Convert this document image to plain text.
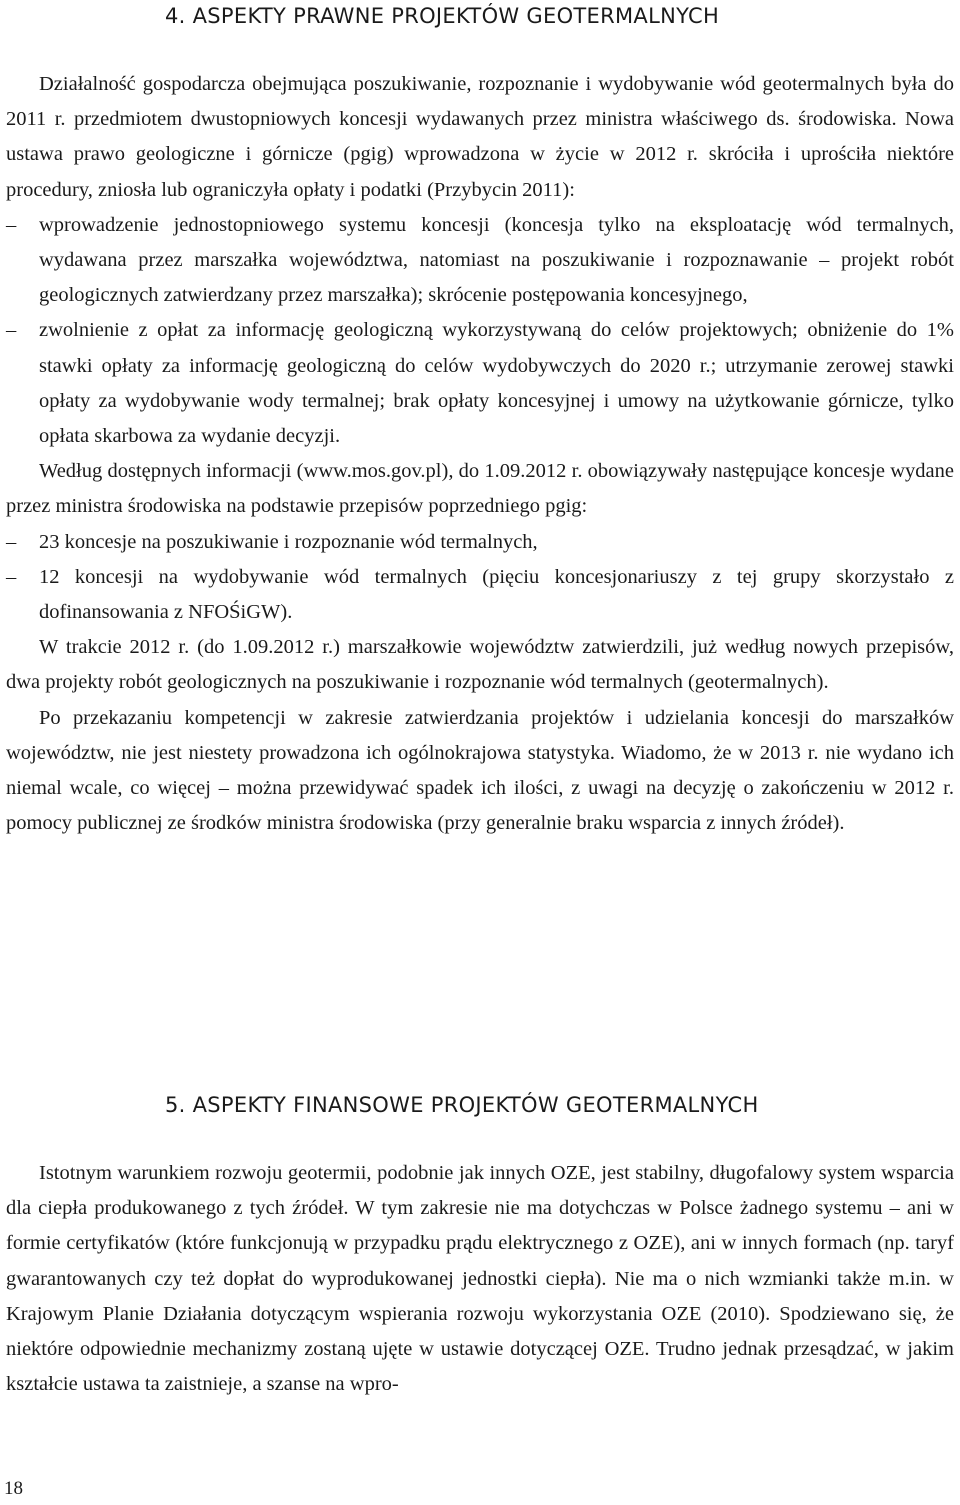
4. ASPEKTY PRAWNE PROJEKTÓW GEOTERMALNYCH

Działalność gospodarcza obejmująca poszukiwanie, rozpoznanie i wydobywanie wód geotermalnych była do 2011 r. przedmiotem dwustopniowych koncesji wydawanych przez ministra właściwego ds. środowiska. Nowa ustawa prawo geologiczne i górnicze (pgig) wprowadzona w życie w 2012 r. skróciła i uprościła niektóre procedury, zniosła lub ograniczyła opłaty i podatki (Przybycin 2011):

– wprowadzenie jednostopniowego systemu koncesji (koncesja tylko na eksploatację wód termalnych, wydawana przez marszałka województwa, natomiast na poszukiwanie i rozpoznawanie – projekt robót geologicznych zatwierdzany przez marszałka); skrócenie postępowania koncesyjnego,

– zwolnienie z opłat za informację geologiczną wykorzystywaną do celów projektowych; obniżenie do 1% stawki opłaty za informację geologiczną do celów wydobywczych do 2020 r.; utrzymanie zerowej stawki opłaty za wydobywanie wody termalnej; brak opłaty koncesyjnej i umowy na użytkowanie górnicze, tylko opłata skarbowa za wydanie decyzji.

Według dostępnych informacji (www.mos.gov.pl), do 1.09.2012 r. obowiązywały następujące koncesje wydane przez ministra środowiska na podstawie przepisów poprzedniego pgig:

– 23 koncesje na poszukiwanie i rozpoznanie wód termalnych,

– 12 koncesji na wydobywanie wód termalnych (pięciu koncesjonariuszy z tej grupy skorzystało z dofinansowania z NFOŚiGW).

W trakcie 2012 r. (do 1.09.2012 r.) marszałkowie województw zatwierdzili, już według nowych przepisów, dwa projekty robót geologicznych na poszukiwanie i rozpoznanie wód termalnych (geotermalnych).

Po przekazaniu kompetencji w zakresie zatwierdzania projektów i udzielania koncesji do marszałków województw, nie jest niestety prowadzona ich ogólnokrajowa statystyka. Wiadomo, że w 2013 r. nie wydano ich niemal wcale, co więcej – można przewidywać spadek ich ilości, z uwagi na decyzję o zakończeniu w 2012 r. pomocy publicznej ze środków ministra środowiska (przy generalnie braku wsparcia z innych źródeł).

5. ASPEKTY FINANSOWE PROJEKTÓW GEOTERMALNYCH

Istotnym warunkiem rozwoju geotermii, podobnie jak innych OZE, jest stabilny, długofalowy system wsparcia dla ciepła produkowanego z tych źródeł. W tym zakresie nie ma dotychczas w Polsce żadnego systemu – ani w formie certyfikatów (które funkcjonują w przypadku prądu elektrycznego z OZE), ani w innych formach (np. taryf gwarantowanych czy też dopłat do wyprodukowanej jednostki ciepła). Nie ma o nich wzmianki także m.in. w Krajowym Planie Działania dotyczącym wspierania rozwoju wykorzystania OZE (2010). Spodziewano się, że niektóre odpowiednie mechanizmy zostaną ujęte w ustawie dotyczącej OZE. Trudno jednak przesądzać, w jakim kształcie ustawa ta zaistnieje, a szanse na wpro-

18
